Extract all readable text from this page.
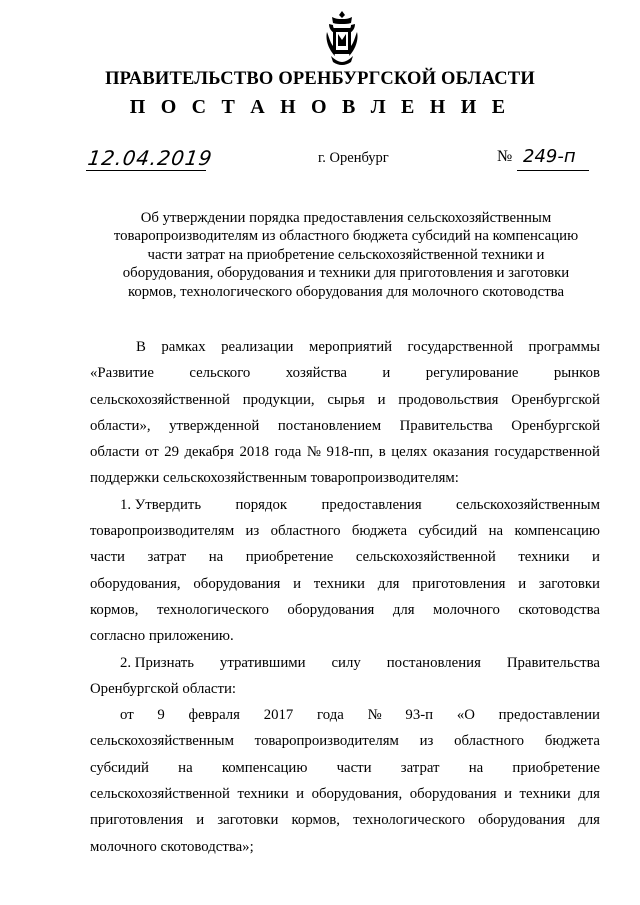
ПРАВИТЕЛЬСТВО ОРЕНБУРГСКОЙ ОБЛАСТИ
П О С Т А Н О В Л Е Н И Е
12.04.2019	г. Оренбург	№ 249-п
Об утверждении порядка предоставления сельскохозяйственным
товаропроизводителям из областного бюджета субсидий на компенсацию
части затрат на приобретение сельскохозяйственной техники и
оборудования, оборудования и техники для приготовления и заготовки
кормов, технологического оборудования для молочного скотоводства
В рамках реализации мероприятий государственной программы
«Развитие сельского хозяйства и регулирование рынков
сельскохозяйственной продукции, сырья и продовольствия Оренбургской
области», утвержденной постановлением Правительства Оренбургской
области от 29 декабря 2018 года № 918-пп, в целях оказания государственной
поддержки сельскохозяйственным товаропроизводителям:
1. Утвердить порядок предоставления сельскохозяйственным
товаропроизводителям из областного бюджета субсидий на компенсацию
части затрат на приобретение сельскохозяйственной техники и
оборудования, оборудования и техники для приготовления и заготовки
кормов, технологического оборудования для молочного скотоводства
согласно приложению.
2. Признать утратившими силу постановления Правительства
Оренбургской области:
от 9 февраля 2017 года № 93-п «О предоставлении
сельскохозяйственным товаропроизводителям из областного бюджета
субсидий на компенсацию части затрат на приобретение
сельскохозяйственной техники и оборудования, оборудования и техники для
приготовления и заготовки кормов, технологического оборудования для
молочного скотоводства»;
